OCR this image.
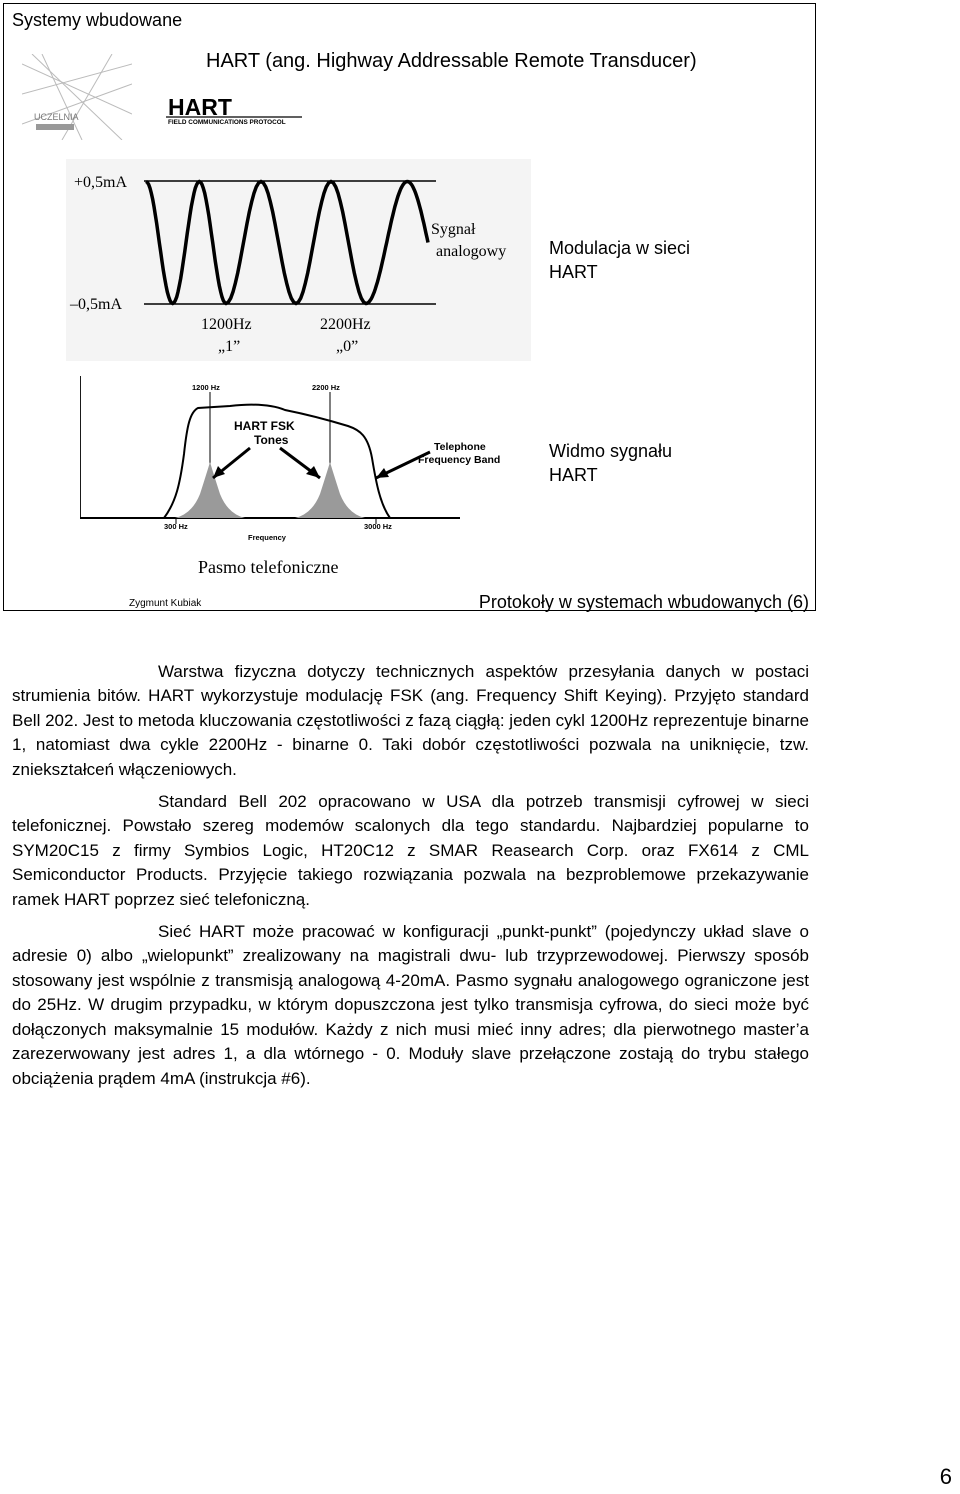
Systemy wbudowane
HART (ang. Highway Addressable Remote Transducer)
UCZELNIA	HART
FIELD COMMUNICATIONS PROTOCOL
+0,5mA
–0,5mA
Sygnał
analogowy
1200Hz
„1”
2200Hz
„0”
Modulacja w sieci
HART
1200 Hz	2200 Hz
HART FSK
Tones	Telephone
Frequency Band
300 Hz	3000 Hz
Frequency
Pasmo telefoniczne
Widmo sygnału
HART
Zygmunt Kubiak	Protokoły w systemach wbudowanych (6)

Warstwa fizyczna dotyczy technicznych aspektów przesyłania danych w postaci strumienia bitów. HART wykorzystuje modulację FSK (ang. Frequency Shift Keying). Przyjęto standard Bell 202. Jest to metoda kluczowania częstotliwości z fazą ciągłą: jeden cykl 1200Hz reprezentuje binarne 1, natomiast dwa cykle 2200Hz - binarne 0. Taki dobór częstotliwości pozwala na uniknięcie, tzw. zniekształceń włączeniowych.

Standard Bell 202 opracowano w USA dla potrzeb transmisji cyfrowej w sieci telefonicznej. Powstało szereg modemów scalonych dla tego standardu. Najbardziej popularne to SYM20C15 z firmy Symbios Logic, HT20C12 z SMAR Reasearch Corp. oraz FX614 z CML Semiconductor Products. Przyjęcie takiego rozwiązania pozwala na bezproblemowe przekazywanie ramek HART poprzez sieć telefoniczną.

Sieć HART może pracować w konfiguracji „punkt-punkt” (pojedynczy układ slave o adresie 0) albo „wielopunkt” zrealizowany na magistrali dwu- lub trzyprzewodowej. Pierwszy sposób stosowany jest wspólnie z transmisją analogową 4-20mA. Pasmo sygnału analogowego ograniczone jest do 25Hz. W drugim przypadku, w którym dopuszczona jest tylko transmisja cyfrowa, do sieci może być dołączonych maksymalnie 15 modułów. Każdy z nich musi mieć inny adres; dla pierwotnego master’a zarezerwowany jest adres 1, a dla wtórnego - 0. Moduły slave przełączone zostają do trybu stałego obciążenia prądem 4mA (instrukcja #6).

6
